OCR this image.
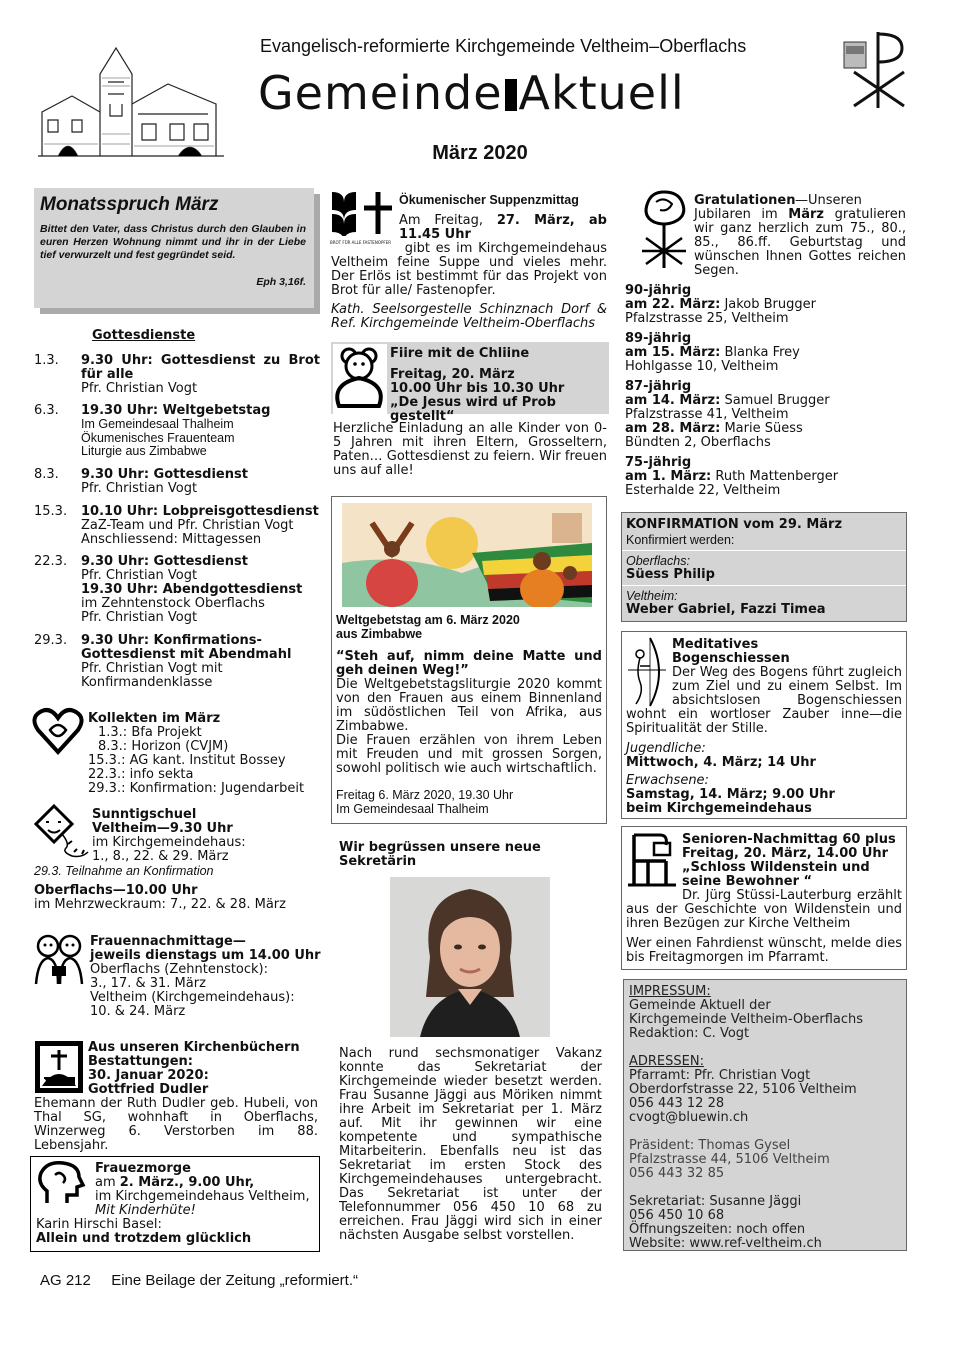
Evangelisch-reformierte Kirchgemeinde Veltheim–Oberflachs
Gemeinde Aktuell
März 2020
Monatsspruch März
Bittet den Vater, dass Christus durch den Glauben in euren Herzen Wohnung nimmt und ihr in der Liebe tief verwurzelt und fest gegründet seid.
Eph 3,16f.
Gottesdienste
1.3.	9.30 Uhr: Gottesdienst zu Brot für alle
Pfr. Christian Vogt
6.3.	19.30 Uhr: Weltgebetstag
Im Gemeindesaal Thalheim
Ökumenisches Frauenteam
Liturgie aus Zimbabwe
8.3.	9.30 Uhr: Gottesdienst
Pfr. Christian Vogt
15.3.	10.10 Uhr: Lobpreisgottesdienst
ZaZ-Team und Pfr. Christian Vogt
Anschliessend: Mittagessen
22.3.	9.30 Uhr: Gottesdienst
Pfr. Christian Vogt
19.30 Uhr: Abendgottesdienst
im Zehntenstock Oberflachs
Pfr. Christian Vogt
29.3.	9.30 Uhr: Konfirmations-Gottesdienst mit Abendmahl
Pfr. Christian Vogt mit Konfirmandenklasse
Kollekten im März

1.3.: Bfa Projekt

8.3.: Horizon (CVJM)

15.3.: AG kant. Institut Bossey

22.3.: info sekta

29.3.: Konfirmation: Jugendarbeit

Sunntigschuel
Veltheim—9.30 Uhr
im Kirchgemeindehaus:
1., 8., 22. & 29. März
29.3. Teilnahme an Konfirmation
Oberflachs—10.00 Uhr
im Mehrzweckraum: 7., 22. & 28. März
Frauennachmittage—
jeweils dienstags um 14.00 Uhr
Oberflachs (Zehntenstock):
3., 17. & 31. März
Veltheim (Kirchgemeindehaus):
10. & 24. März
Aus unseren Kirchenbüchern
Bestattungen:
30. Januar 2020:
Gottfried Dudler
Ehemann der Ruth Dudler geb. Hubeli, von Thal SG, wohnhaft in Oberflachs, Winzerweg 6. Verstorben im 88. Lebensjahr.
Frauezmorge
am 2. März., 9.00 Uhr,
im Kirchgemeindehaus Veltheim,
Mit Kinderhüte!
Karin Hirschi Basel:
Allein und trotzdem glücklich
BROT FÜR ALLE FASTENOPFER
Ökumenischer Suppenzmittag
Am Freitag, 27. März, ab 11.45 Uhr
gibt es im Kirchgemeindehaus Veltheim feine Suppe und vieles mehr. Der Erlös ist bestimmt für das Projekt von Brot für alle/ Fastenopfer.
Kath. Seelsorgestelle Schinznach Dorf & Ref. Kirchgemeinde Veltheim-Oberflachs
Fiire mit de Chliine
Freitag, 20. März
10.00 Uhr bis 10.30 Uhr
„De Jesus wird uf Prob gestellt“
Herzliche Einladung an alle Kinder von 0-5 Jahren mit ihren Eltern, Grosseltern, Paten… Gottesdienst zu feiern. Wir freuen uns auf alle!
Weltgebetstag am 6. März 2020
aus Zimbabwe
“Steh auf, nimm deine Matte und geh deinen Weg!”
Die Weltgebetstagsliturgie 2020 kommt von den Frauen aus einem Binnenland im südöstlichen Teil von Afrika, aus Zimbabwe.
Die Frauen erzählen von ihrem Leben mit Freuden und mit grossen Sorgen, sowohl politisch wie auch wirtschaftlich.
Freitag 6. März 2020, 19.30 Uhr
Im Gemeindesaal Thalheim
Wir begrüssen unsere neue Sekretärin
Nach rund sechsmonatiger Vakanz konnte das Sekretariat der Kirchgemeinde wieder besetzt werden. Frau Susanne Jäggi aus Möriken nimmt ihre Arbeit im Sekretariat per 1. März auf. Mit ihr gewinnen wir eine kompetente und sympathische Mitarbeiterin. Ebenfalls neu ist das Sekretariat im ersten Stock des Kirchgemeindehauses untergebracht. Das Sekretariat ist unter der Telefonnummer 056 450 10 68 zu erreichen. Frau Jäggi wird sich in einer nächsten Ausgabe selbst vorstellen.
Gratulationen —Unseren Jubilaren im März gratulieren wir ganz herzlich zum 75., 80., 85., 86.ff. Geburtstag und wünschen Ihnen Gottes reichen Segen.

90-jährig

am 22. März: Jakob Brugger

Pfalzstrasse 25, Veltheim

89-jährig

am 15. März: Blanka Frey

Hohlgasse 10, Veltheim

87-jährig

am 14. März: Samuel Brugger

Pfalzstrasse 41, Veltheim

am 28. März: Marie Süess

Bündten 2, Oberflachs

75-jährig

am 1. März: Ruth Mattenberger

Esterhalde 22, Veltheim

KONFIRMATION vom 29. März
Konfirmiert werden:
Oberflachs:
Süess Philip
Veltheim:
Weber Gabriel, Fazzi Timea
Meditatives
Bogenschiessen
Der Weg des Bogens führt zugleich zum Ziel und zu einem Selbst. Im absichtslosen Bogenschiessen wohnt ein wortloser Zauber inne—die Spiritualität der Stille.
Jugendliche:
Mittwoch, 4. März; 14 Uhr
Erwachsene:
Samstag, 14. März; 9.00 Uhr
beim Kirchgemeindehaus
Senioren-Nachmittag 60 plus
Freitag, 20. März, 14.00 Uhr
„Schloss Wildenstein und seine Bewohner “
Dr. Jürg Stüssi-Lauterburg erzählt aus der Geschichte von Wildenstein und ihren Bezügen zur Kirche Veltheim
Wer einen Fahrdienst wünscht, melde dies bis Freitagmorgen im Pfarramt.

IMPRESSUM:

Gemeinde Aktuell der

Kirchgemeinde Veltheim-Oberflachs

Redaktion: C. Vogt

ADRESSEN:

Pfarramt: Pfr. Christian Vogt

Oberdorfstrasse 22, 5106 Veltheim

056 443 12 28

cvogt@bluewin.ch

Präsident: Thomas Gysel

Pfalzstrasse 44, 5106 Veltheim

056 443 32 85

Sekretariat: Susanne Jäggi

056 450 10 68

Öffnungszeiten: noch offen

Website: www.ref-veltheim.ch

AG 212 Eine Beilage der Zeitung „reformiert.“
